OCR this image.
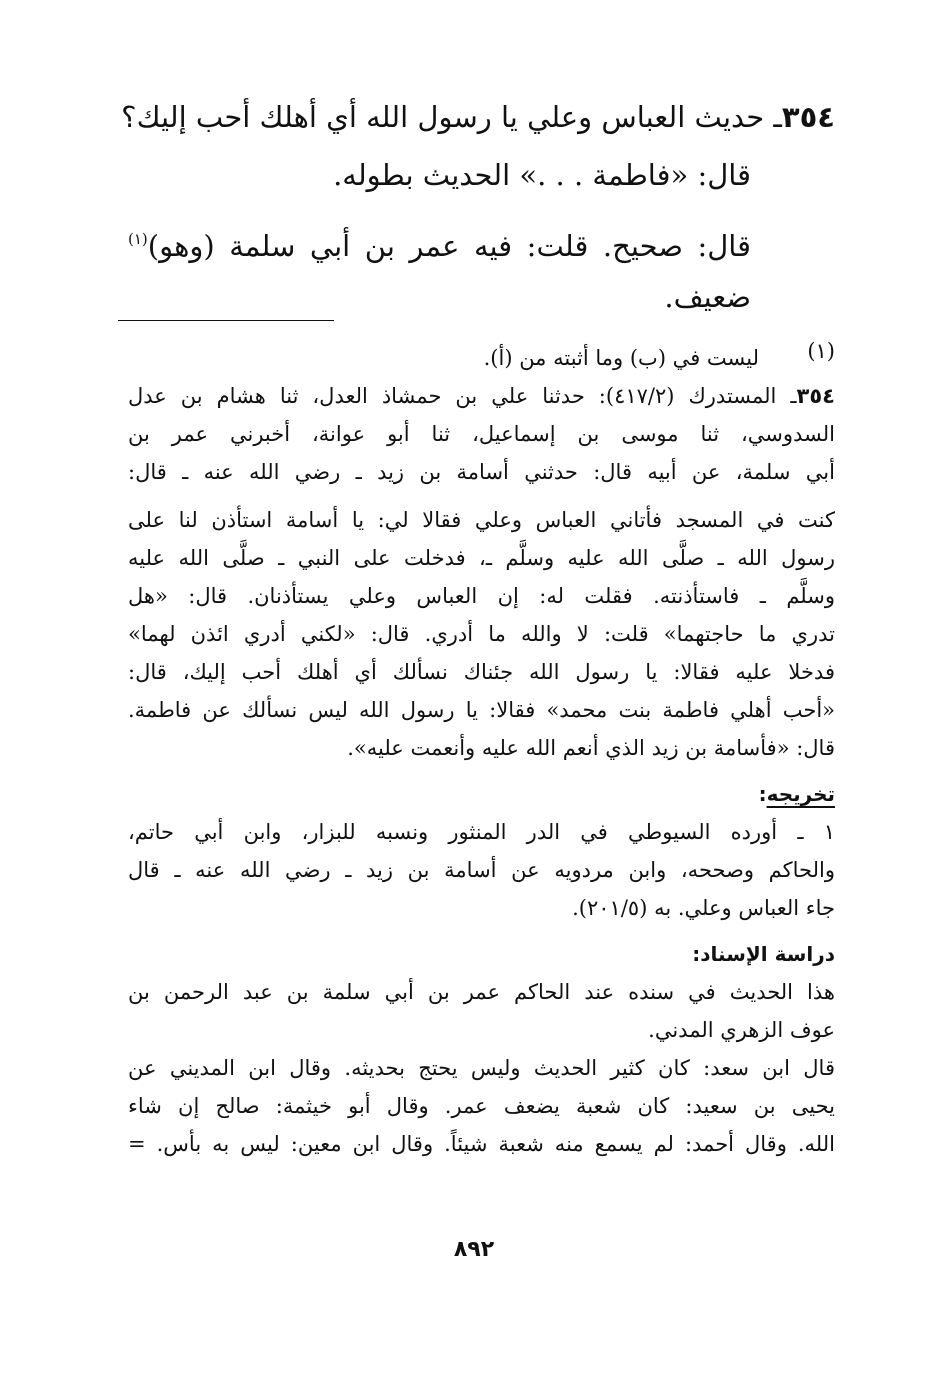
٣٥٤ـ حديث العباس وعلي يا رسول الله أي أهلك أحب إليك؟
قال: «فاطمة . . .» الحديث بطوله.
قال: صحيح. قلت: فيه عمر بن أبي سلمة (وهو)$^{(١)}$
ضعيف.
(١)
ليست في (ب) وما أثبته من (أ).
٣٥٤ـ المستدرك (٤١٧/٢): حدثنا علي بن حمشاذ العدل، ثنا هشام بن عدل
السدوسي، ثنا موسى بن إسماعيل، ثنا أبو عوانة، أخبرني عمر بن
أبي سلمة، عن أبيه قال: حدثني أسامة بن زيد ـ رضي الله عنه ـ قال:
كنت في المسجد فأتاني العباس وعلي فقالا لي: يا أسامة استأذن لنا على
رسول الله ـ صلَّى الله عليه وسلَّم ـ، فدخلت على النبي ـ صلَّى الله عليه
وسلَّم ـ فاستأذنته. فقلت له: إن العباس وعلي يستأذنان. قال: «هل
تدري ما حاجتهما» قلت: لا والله ما أدري. قال: «لكني أدري ائذن لهما»
فدخلا عليه فقالا: يا رسول الله جئناك نسألك أي أهلك أحب إليك، قال:
«أحب أهلي فاطمة بنت محمد» فقالا: يا رسول الله ليس نسألك عن فاطمة.
قال: «فأسامة بن زيد الذي أنعم الله عليه وأنعمت عليه».
تخريجه:
١ ـ أورده السيوطي في الدر المنثور ونسبه للبزار، وابن أبي حاتم،
والحاكم وصححه، وابن مردويه عن أسامة بن زيد ـ رضي الله عنه ـ قال
جاء العباس وعلي. به (٢٠١/٥).
دراسة الإسناد:
هذا الحديث في سنده عند الحاكم عمر بن أبي سلمة بن عبد الرحمن بن
عوف الزهري المدني.
قال ابن سعد: كان كثير الحديث وليس يحتج بحديثه. وقال ابن المديني عن
يحيى بن سعيد: كان شعبة يضعف عمر. وقال أبو خيثمة: صالح إن شاء
الله. وقال أحمد: لم يسمع منه شعبة شيئاً. وقال ابن معين: ليس به بأس. =
٨٩٢
